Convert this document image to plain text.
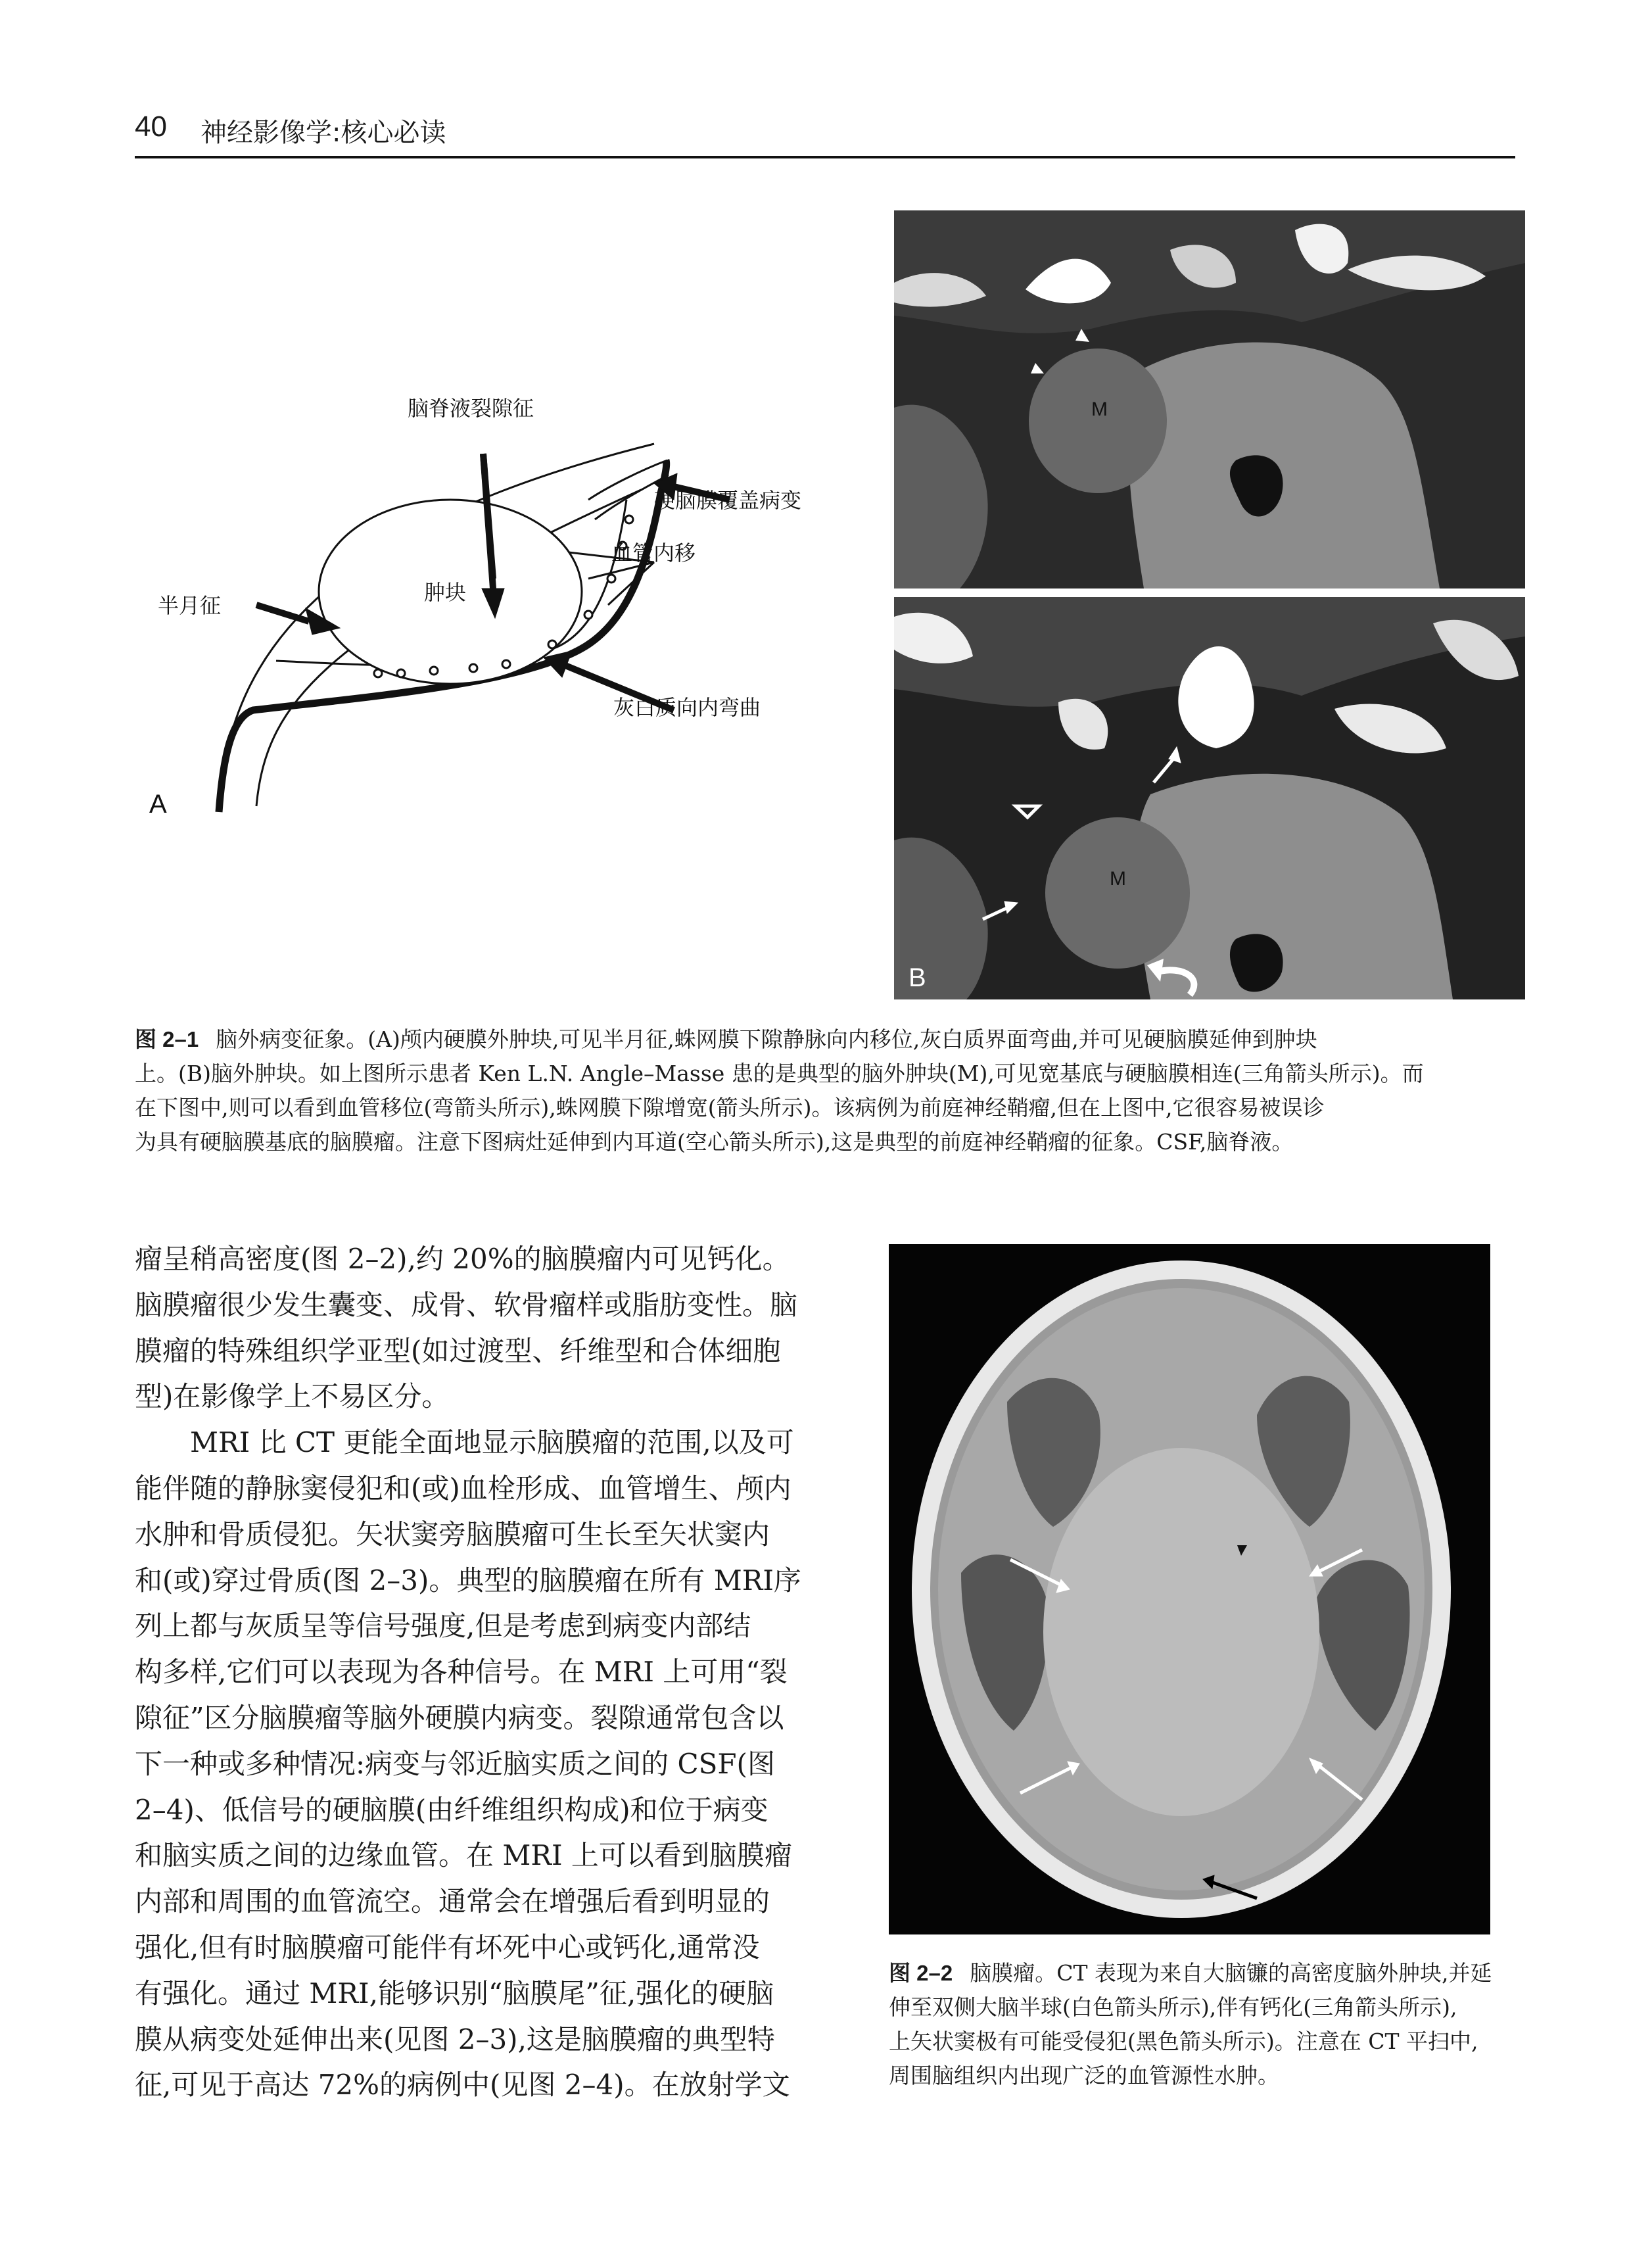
40 神经影像学:核心必读
脑脊液裂隙征
硬脑膜覆盖病变
血管内移
半月征
肿块
灰白质向内弯曲
A
M
M
B

图 2–1 脑外病变征象。(A)颅内硬膜外肿块,可见半月征,蛛网膜下隙静脉向内移位,灰白质界面弯曲,并可见硬脑膜延伸到肿块

上。(B)脑外肿块。如上图所示患者 Ken L.N. Angle–Masse 患的是典型的脑外肿块(M),可见宽基底与硬脑膜相连(三角箭头所示)。而

在下图中,则可以看到血管移位(弯箭头所示),蛛网膜下隙增宽(箭头所示)。该病例为前庭神经鞘瘤,但在上图中,它很容易被误诊

为具有硬脑膜基底的脑膜瘤。注意下图病灶延伸到内耳道(空心箭头所示),这是典型的前庭神经鞘瘤的征象。CSF,脑脊液。

瘤呈稍高密度(图 2–2),约 20%的脑膜瘤内可见钙化。

脑膜瘤很少发生囊变、成骨、软骨瘤样或脂肪变性。脑

膜瘤的特殊组织学亚型(如过渡型、纤维型和合体细胞

型)在影像学上不易区分。

MRI 比 CT 更能全面地显示脑膜瘤的范围,以及可

能伴随的静脉窦侵犯和(或)血栓形成、血管增生、颅内

水肿和骨质侵犯。矢状窦旁脑膜瘤可生长至矢状窦内

和(或)穿过骨质(图 2–3)。典型的脑膜瘤在所有 MRI序

列上都与灰质呈等信号强度,但是考虑到病变内部结

构多样,它们可以表现为各种信号。在 MRI 上可用“裂

隙征”区分脑膜瘤等脑外硬膜内病变。裂隙通常包含以

下一种或多种情况:病变与邻近脑实质之间的 CSF(图

2–4)、低信号的硬脑膜(由纤维组织构成)和位于病变

和脑实质之间的边缘血管。在 MRI 上可以看到脑膜瘤

内部和周围的血管流空。通常会在增强后看到明显的

强化,但有时脑膜瘤可能伴有坏死中心或钙化,通常没

有强化。通过 MRI,能够识别“脑膜尾”征,强化的硬脑

膜从病变处延伸出来(见图 2–3),这是脑膜瘤的典型特

征,可见于高达 72%的病例中(见图 2–4)。在放射学文

图 2–2 脑膜瘤。CT 表现为来自大脑镰的高密度脑外肿块,并延

伸至双侧大脑半球(白色箭头所示),伴有钙化(三角箭头所示),

上矢状窦极有可能受侵犯(黑色箭头所示)。注意在 CT 平扫中,

周围脑组织内出现广泛的血管源性水肿。
